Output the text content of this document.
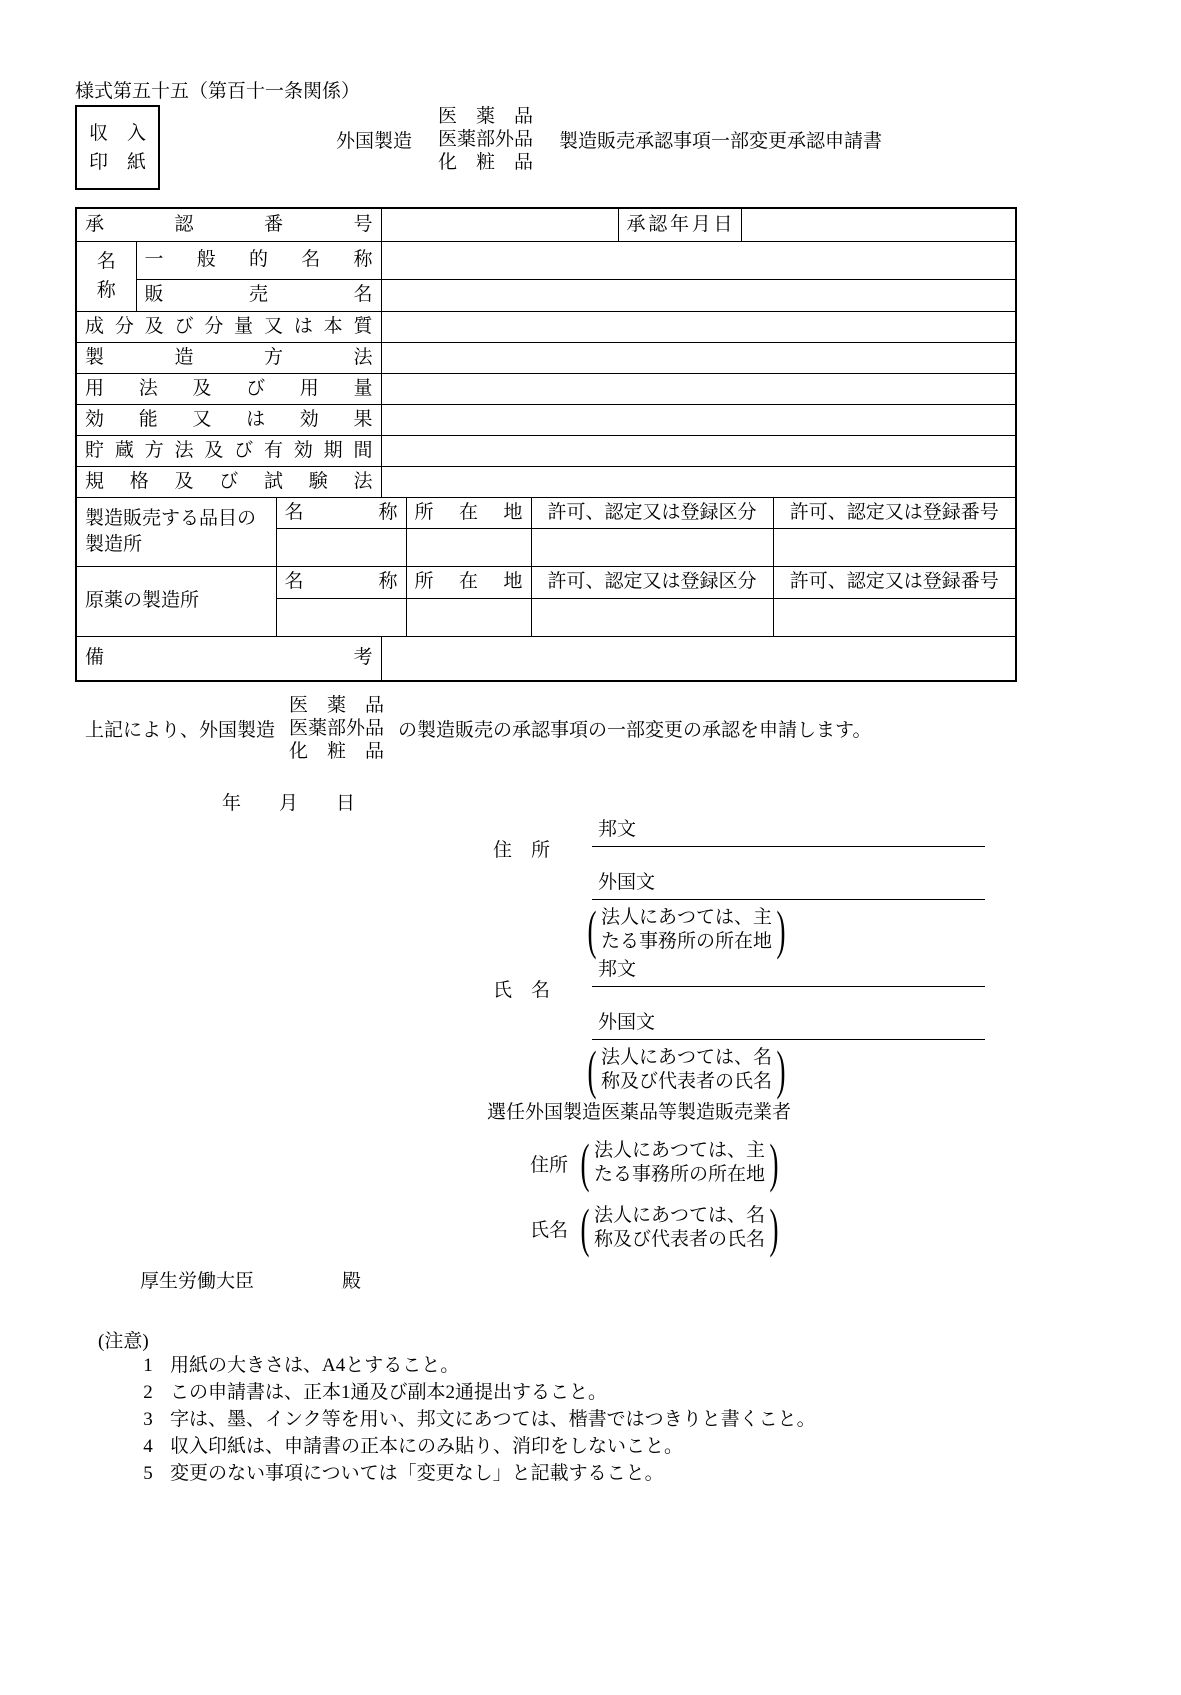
様式第五十五（第百十一条関係）
収　入
印　紙
外国製造
医　薬　品
医薬部外品
化　粧　品
製造販売承認事項一部変更承認申請書
承認番号						承認年月日		
名称	一般的名称							
	販売名							
成分及び分量又は本質								
製造方法								
用法及び用量								
効能又は効果								
貯蔵方法及び有効期間								
規格及び試験法								
製造販売する品目の製造所		名称		所在地	許可、認定又は登録区分			許可、認定又は登録番号

原薬の製造所		名称		所在地	許可、認定又は登録区分			許可、認定又は登録番号

備考								
上記により、外国製造
医　薬　品
医薬部外品
化　粧　品
の製造販売の承認事項の一部変更の承認を申請します。
年　　月　　日
邦文
住　所
外国文
( 法人にあつては、主
たる事務所の所在地 )
邦文
氏　名
外国文
( 法人にあつては、名
称及び代表者の氏名 )
選任外国製造医薬品等製造販売業者
住所 ( 法人にあつては、主
たる事務所の所在地 )
氏名 ( 法人にあつては、名
称及び代表者の氏名 )
厚生労働大臣	殿
(注意)
1 用紙の大きさは、A4とすること。
2 この申請書は、正本1通及び副本2通提出すること。
3 字は、墨、インク等を用い、邦文にあつては、楷書ではつきりと書くこと。
4 収入印紙は、申請書の正本にのみ貼り、消印をしないこと。
5 変更のない事項については「変更なし」と記載すること。
